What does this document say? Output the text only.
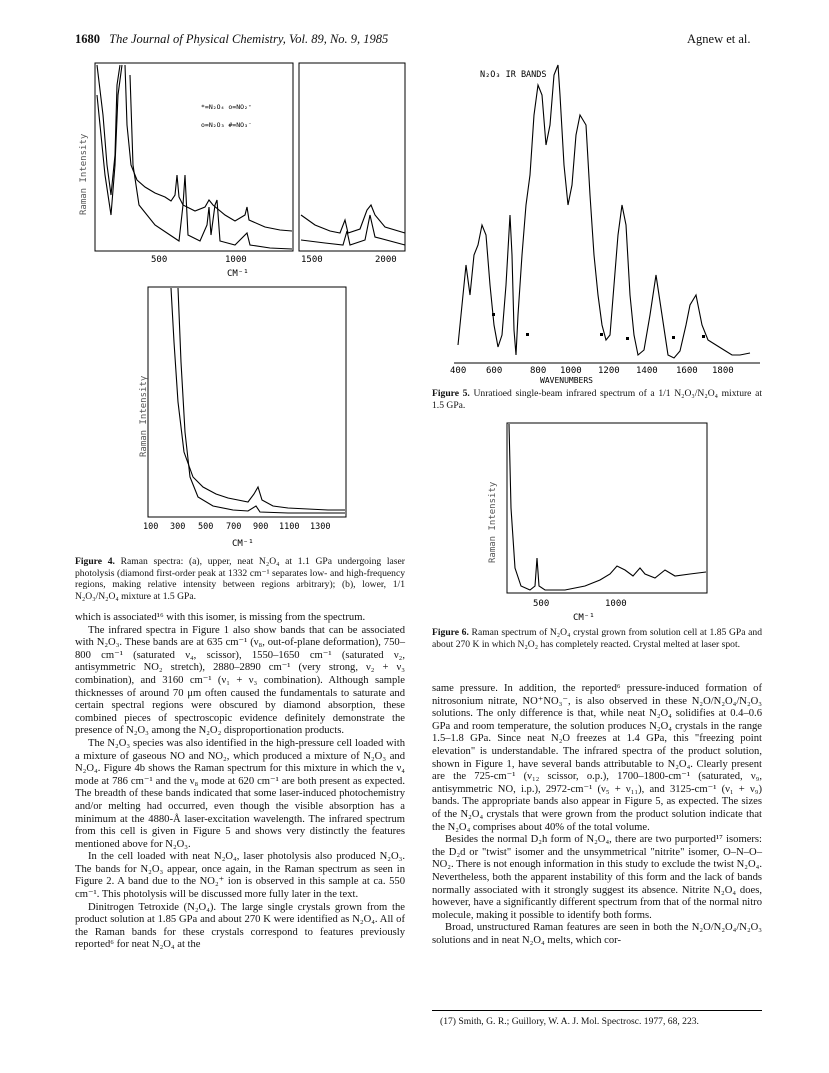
1680 The Journal of Physical Chemistry, Vol. 89, No. 9, 1985	Agnew et al.
Raman Intensity
*=N₂O₄ o=NO₂⁺
o=N₂O₃ #=NO₃⁻
500	1000	1500	2000
CM⁻¹
Raman Intensity
100 300 500 700 900 1100 1300
CM⁻¹
Figure 4. Raman spectra: (a), upper, neat N₂O₄ at 1.1 GPa undergoing laser photolysis (diamond first-order peak at 1332 cm⁻¹ separates low- and high-frequency regions, making relative intensity between regions arbitrary); (b), lower, 1/1 N₂O₃/N₂O₄ mixture at 1.5 GPa.

which is associated¹⁶ with this isomer, is missing from the spectrum.

The infrared spectra in Figure 1 also show bands that can be associated with N₂O₃. These bands are at 635 cm⁻¹ (ν₈, out-of-plane deformation), 750–800 cm⁻¹ (saturated ν₄, scissor), 1550–1650 cm⁻¹ (saturated ν₂, antisymmetric NO₂ stretch), 2880–2890 cm⁻¹ (very strong, ν₂ + ν₃ combination), and 3160 cm⁻¹ (ν₁ + ν₃ combination). Although sample thicknesses of around 70 μm often caused the fundamentals to saturate and certain spectral regions were obscured by diamond absorption, these combined pieces of spectroscopic evidence definitely demonstrate the presence of N₂O₃ among the N₂O₂ disproportionation products.

The N₂O₃ species was also identified in the high-pressure cell loaded with a mixture of gaseous NO and NO₂, which produced a mixture of N₂O₃ and N₂O₄. Figure 4b shows the Raman spectrum for this mixture in which the ν₄ mode at 786 cm⁻¹ and the ν₈ mode at 620 cm⁻¹ are both present as expected. The breadth of these bands indicated that some laser-induced photochemistry and/or melting had occurred, even though the visible absorption has a minimum at the 4880-Å laser-excitation wavelength. The infrared spectrum from this cell is given in Figure 5 and shows very distinctly the features mentioned above for N₂O₃.

In the cell loaded with neat N₂O₄, laser photolysis also produced N₂O₃. The bands for N₂O₃ appear, once again, in the Raman spectrum as seen in Figure 2. A band due to the NO₂⁺ ion is observed in this sample at ca. 550 cm⁻¹. This photolysis will be discussed more fully later in the text.

Dinitrogen Tetroxide (N₂O₄). The large single crystals grown from the product solution at 1.85 GPa and about 270 K were identified as N₂O₄. All of the Raman bands for these crystals correspond to features previously reported⁶ for neat N₂O₄ at the

N₂O₃ IR BANDS
400 600	800 1000 1200 1400 1600 1800
WAVENUMBERS
Figure 5. Unratioed single-beam infrared spectrum of a 1/1 N₂O₃/N₂O₄ mixture at 1.5 GPa.
Raman Intensity
500	1000
CM⁻¹
Figure 6. Raman spectrum of N₂O₄ crystal grown from solution cell at 1.85 GPa and about 270 K in which N₂O₂ has completely reacted. Crystal melted at laser spot.

same pressure. In addition, the reported⁶ pressure-induced formation of nitrosonium nitrate, NO⁺NO₃⁻, is also observed in these N₂O/N₂O₄/N₂O₃ solutions. The only difference is that, while neat N₂O₄ solidifies at 0.4–0.6 GPa and room temperature, the solution produces N₂O₄ crystals in the range 1.5–1.8 GPa. Since neat N₂O freezes at 1.4 GPa, this "freezing point elevation" is understandable. The infrared spectra of the product solution, shown in Figure 1, have several bands attributable to N₂O₄. Clearly present are the 725-cm⁻¹ (ν₁₂ scissor, o.p.), 1700–1800-cm⁻¹ (saturated, ν₉, antisymmetric NO, i.p.), 2972-cm⁻¹ (ν₅ + ν₁₁), and 3125-cm⁻¹ (ν₁ + ν₉) bands. The appropriate bands also appear in Figure 5, as expected. The sizes of the N₂O₄ crystals that were grown from the product solution indicate that the N₂O₄ comprises about 40% of the total volume.

Besides the normal D₂h form of N₂O₄, there are two purported¹⁷ isomers: the D₂d or "twist" isomer and the unsymmetrical "nitrite" isomer, O–N–O–NO₂. There is not enough information in this study to exclude the twist N₂O₄. Nevertheless, both the apparent instability of this form and the lack of bands normally associated with it strongly suggest its absence. Nitrite N₂O₄ does, however, have a significantly different spectrum from that of the normal nitro molecule, making it possible to identify both forms.

Broad, unstructured Raman features are seen in both the N₂O/N₂O₄/N₂O₃ solutions and in neat N₂O₄ melts, which cor-

(17) Smith, G. R.; Guillory, W. A. J. Mol. Spectrosc. 1977, 68, 223.
